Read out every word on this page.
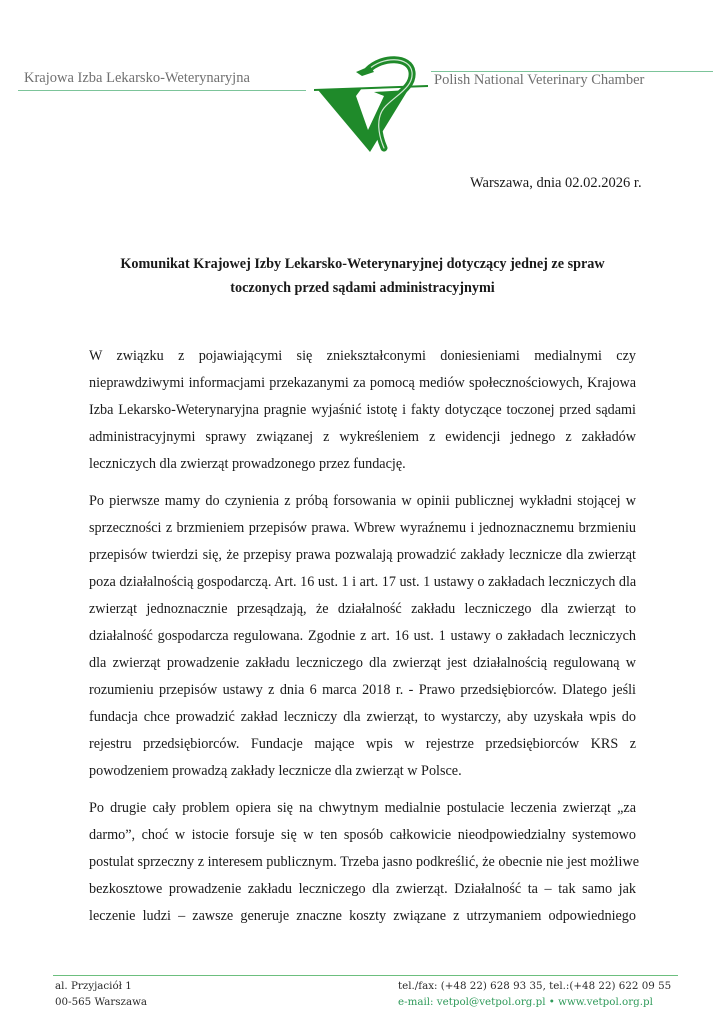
Krajowa Izba Lekarsko-Weterynaryjna	Polish National Veterinary Chamber
Warszawa, dnia 02.02.2026 r.
Komunikat Krajowej Izby Lekarsko-Weterynaryjnej dotyczący jednej ze spraw
toczonych przed sądami administracyjnymi
W związku z pojawiającymi się zniekształconymi doniesieniami medialnymi czy
nieprawdziwymi informacjami przekazanymi za pomocą mediów społecznościowych, Krajowa
Izba Lekarsko-Weterynaryjna pragnie wyjaśnić istotę i fakty dotyczące toczonej przed sądami
administracyjnymi sprawy związanej z wykreśleniem z ewidencji jednego z zakładów
leczniczych dla zwierząt prowadzonego przez fundację.
Po pierwsze mamy do czynienia z próbą forsowania w opinii publicznej wykładni stojącej w
sprzeczności z brzmieniem przepisów prawa. Wbrew wyraźnemu i jednoznacznemu brzmieniu
przepisów twierdzi się, że przepisy prawa pozwalają prowadzić zakłady lecznicze dla zwierząt
poza działalnością gospodarczą. Art. 16 ust. 1 i art. 17 ust. 1 ustawy o zakładach leczniczych dla
zwierząt jednoznacznie przesądzają, że działalność zakładu leczniczego dla zwierząt to
działalność gospodarcza regulowana. Zgodnie z art. 16 ust. 1 ustawy o zakładach leczniczych
dla zwierząt prowadzenie zakładu leczniczego dla zwierząt jest działalnością regulowaną w
rozumieniu przepisów ustawy z dnia 6 marca 2018 r. - Prawo przedsiębiorców. Dlatego jeśli
fundacja chce prowadzić zakład leczniczy dla zwierząt, to wystarczy, aby uzyskała wpis do
rejestru przedsiębiorców. Fundacje mające wpis w rejestrze przedsiębiorców KRS z
powodzeniem prowadzą zakłady lecznicze dla zwierząt w Polsce.
Po drugie cały problem opiera się na chwytnym medialnie postulacie leczenia zwierząt „za
darmo”, choć w istocie forsuje się w ten sposób całkowicie nieodpowiedzialny systemowo
postulat sprzeczny z interesem publicznym. Trzeba jasno podkreślić, że obecnie nie jest możliwe
bezkosztowe prowadzenie zakładu leczniczego dla zwierząt. Działalność ta – tak samo jak
leczenie ludzi – zawsze generuje znaczne koszty związane z utrzymaniem odpowiedniego
al. Przyjaciół 1
00-565 Warszawa
tel./fax: (+48 22) 628 93 35, tel.:(+48 22) 622 09 55
e-mail: vetpol@vetpol.org.pl • www.vetpol.org.pl
